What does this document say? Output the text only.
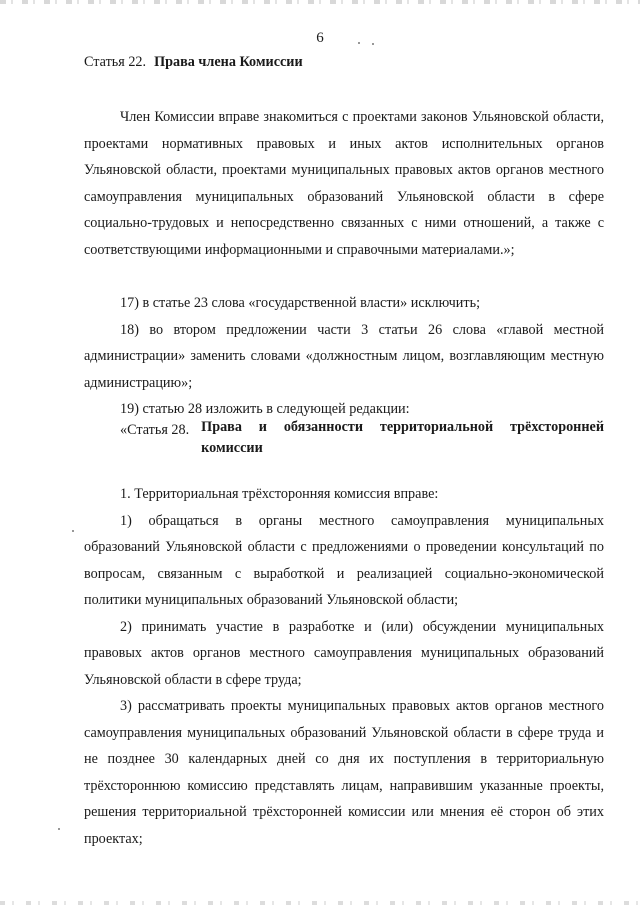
6
Статья 22. Права члена Комиссии

Член Комиссии вправе знакомиться с проектами законов Ульяновской области, проектами нормативных правовых и иных актов исполнительных органов Ульяновской области, проектами муниципальных правовых актов органов местного самоуправления муниципальных образований Ульяновской области в сфере социально-трудовых и непосредственно связанных с ними отношений, а также с соответствующими информационными и справочными материалами.»;

17) в статье 23 слова «государственной власти» исключить;

18) во втором предложении части 3 статьи 26 слова «главой местной администрации» заменить словами «должностным лицом, возглавляющим местную администрацию»;

19) статью 28 изложить в следующей редакции:

«Статья 28. Права и обязанности территориальной трёхсторонней комиссии

1. Территориальная трёхсторонняя комиссия вправе:

1) обращаться в органы местного самоуправления муниципальных образований Ульяновской области с предложениями о проведении консультаций по вопросам, связанным с выработкой и реализацией социально-экономической политики муниципальных образований Ульяновской области;

2) принимать участие в разработке и (или) обсуждении муниципальных правовых актов органов местного самоуправления муниципальных образований Ульяновской области в сфере труда;

3) рассматривать проекты муниципальных правовых актов органов местного самоуправления муниципальных образований Ульяновской области в сфере труда и не позднее 30 календарных дней со дня их поступления в территориальную трёхстороннюю комиссию представлять лицам, направившим указанные проекты, решения территориальной трёхсторонней комиссии или мнения её сторон об этих проектах;
